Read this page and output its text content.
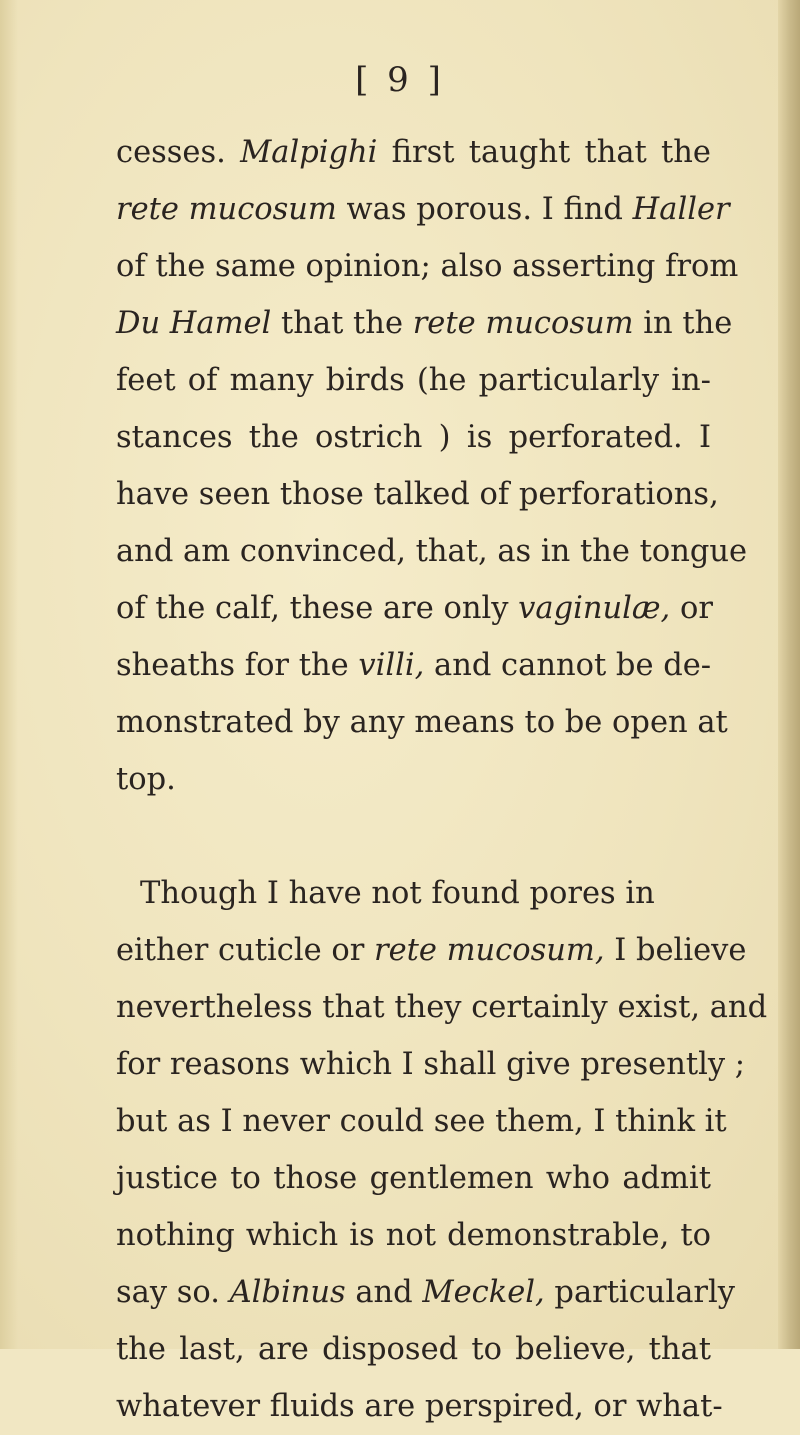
[ 9 ]
cesses. Malpighi first taught that the
rete mucosum was porous. I find Haller
of the same opinion; also asserting from
Du Hamel that the rete mucosum in the
feet of many birds (he particularly in-
stances the ostrich ) is perforated. I
have seen those talked of perforations,
and am convinced, that, as in the tongue
of the calf, these are only vaginulæ, or
sheaths for the villi, and cannot be de-
monstrated by any means to be open at
top.
Though I have not found pores in
either cuticle or rete mucosum, I believe
nevertheless that they certainly exist, and
for reasons which I shall give presently ;
but as I never could see them, I think it
justice to those gentlemen who admit
nothing which is not demonstrable, to
say so. Albinus and Meckel, particularly
the last, are disposed to believe, that
whatever fluids are perspired, or what-
